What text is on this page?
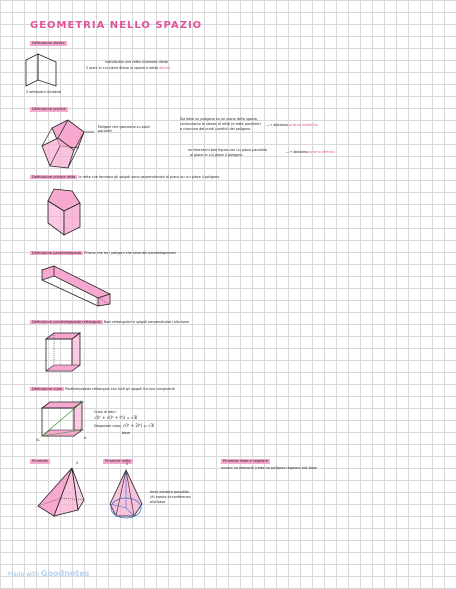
GEOMETRIA NELLO SPAZIO
Definizione diedro
individuato una retta chiamata diedo
2 piani in cui viene diviso lo spazio e detto diedro
2 semipiani incidenti
Definizione prisma
Poligoni che giacciono su piani paralleli
Sia dato un poligono su un piano dello spazio,
conduciamo la stessa di rette (e rette parallele)
a ciascuno dei punti (vertici) del poligono
—→ abbiamo prisma indefinito
se intersechi tale figura con un piano parallelo
al piano in cui giace il poligono
—→ abbiamo prisma definito
Definizione prisma retto le rette che formano gli spigoli sono perpendicolari al piano su cui giace il poligono
Definizione parallelepipedo Prisma che ha i poligoni che sono dei parallelogrammi
Definizione parallelepipedo rettangolo Basi rettangolari e spigoli perpendicolari alla base
Definizione cubo Parallelepipedo rettangolo con tutti gli spigoli tra loro congruenti
V₂
V₁
A
V₄
Cubo di lato l
√(l² + √(l² + l²)) = √3l
Diagonale cubo: √(l² + 2l²) = √3l
base
Piramide	V	Piramide retta
V
deve esistere possibile
(é) nostre circonferenza
alla base
Piramide retta e regolare
ovvero ha elementi (retta ha poligono regolare alla base
Made with Goodnotes
